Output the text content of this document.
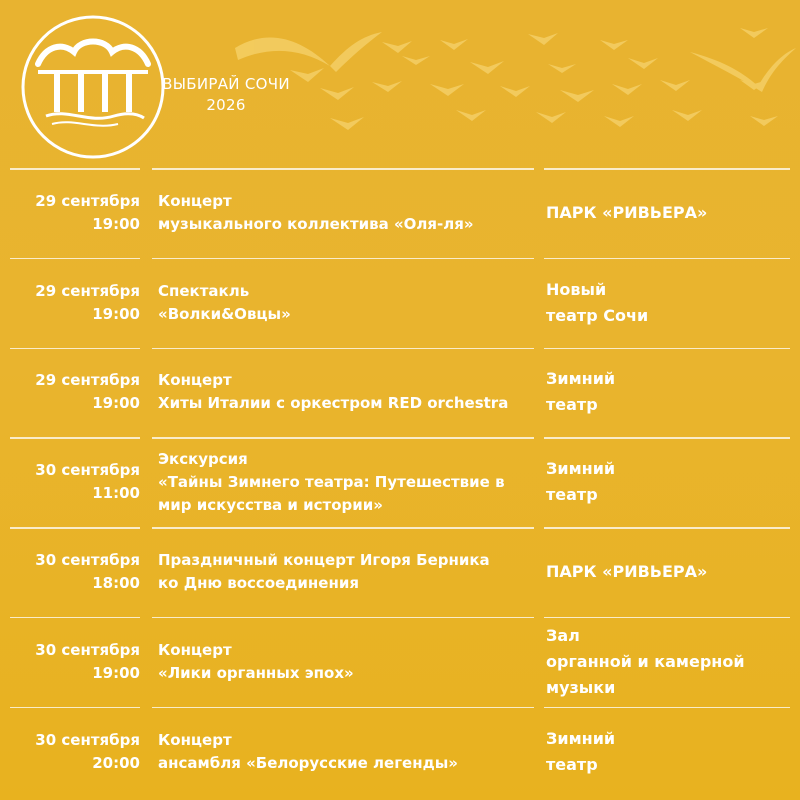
ВЫБИРАЙ СОЧИ
2026
29 сентября
19:00
Концерт
музыкального коллектива «Оля-ля»
ПАРК «РИВЬЕРА»
29 сентября
19:00
Спектакль
«Волки&Овцы»
Новый
театр Сочи
29 сентября
19:00
Концерт
Хиты Италии с оркестром RED orchestra
Зимний
театр
30 сентября
11:00
Экскурсия
«Тайны Зимнего театра: Путешествие в
мир искусства и истории»
Зимний
театр
30 сентября
18:00
Праздничный концерт Игоря Берника
ко Дню воссоединения
ПАРК «РИВЬЕРА»
30 сентября
19:00
Концерт
«Лики органных эпох»
Зал
органной и камерной
музыки
30 сентября
20:00
Концерт
ансамбля «Белорусские легенды»
Зимний
театр
